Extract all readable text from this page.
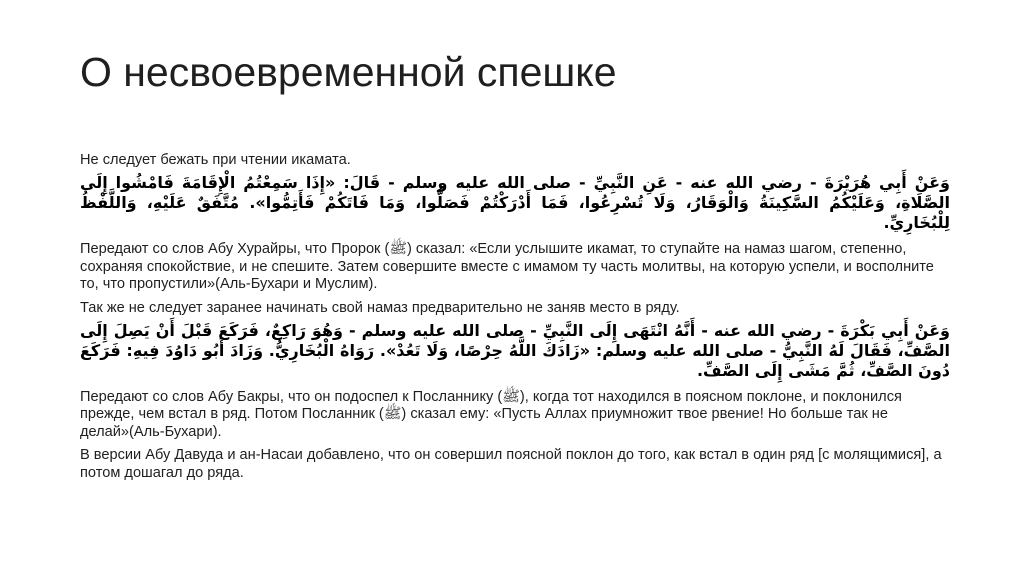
О несвоевременной спешке

Не следует бежать при чтении икамата.

وَعَنْ أَبِي هُرَيْرَةَ - رضي الله عنه - عَنِ النَّبِيِّ - صلى الله عليه وسلم - قَالَ: «إِذَا سَمِعْتُمُ الْإِقَامَةَ فَامْشُوا إِلَى الصَّلَاةِ، وَعَلَيْكُمُ السَّكِينَةُ وَالْوَقَارُ، وَلَا تُسْرِعُوا، فَمَا أَدْرَكْتُمْ فَصَلُّوا، وَمَا فَاتَكُمْ فَأَتِمُّوا». مُتَّفَقٌ عَلَيْهِ، وَاللَّفْظُ لِلْبُخَارِيِّ.

Передают со слов Абу Хурайры, что Пророк (ﷺ) сказал: «Если услышите икамат, то ступайте на намаз шагом, степенно, сохраняя спокойствие, и не спешите. Затем совершите вместе с имамом ту часть молитвы, на которую успели, и восполните то, что пропустили»(Аль-Бухари и Муслим).

Так же не следует заранее начинать свой намаз предварительно не заняв место в ряду.

وَعَنْ أَبِي بَكْرَةَ - رضي الله عنه - أَنَّهُ انْتَهَى إِلَى النَّبِيِّ - صلى الله عليه وسلم - وَهُوَ رَاكِعٌ، فَرَكَعَ قَبْلَ أَنْ يَصِلَ إِلَى الصَّفِّ، فَقَالَ لَهُ النَّبِيُّ - صلى الله عليه وسلم: «زَادَكَ اللَّهُ حِرْصًا، وَلَا تَعُدْ». رَوَاهُ الْبُخَارِيُّ. وَزَادَ أَبُو دَاوُدَ فِيهِ: فَرَكَعَ دُونَ الصَّفِّ، ثُمَّ مَشَى إِلَى الصَّفِّ.

Передают со слов Абу Бакры, что он подоспел к Посланнику (ﷺ), когда тот находился в поясном поклоне, и поклонился прежде, чем встал в ряд. Потом Посланник (ﷺ) сказал ему: «Пусть Аллах приумножит твое рвение! Но больше так не делай»(Аль-Бухари).

В версии Абу Давуда и ан-Насаи добавлено, что он совершил поясной поклон до того, как встал в один ряд [с молящимися], а потом дошагал до ряда.
